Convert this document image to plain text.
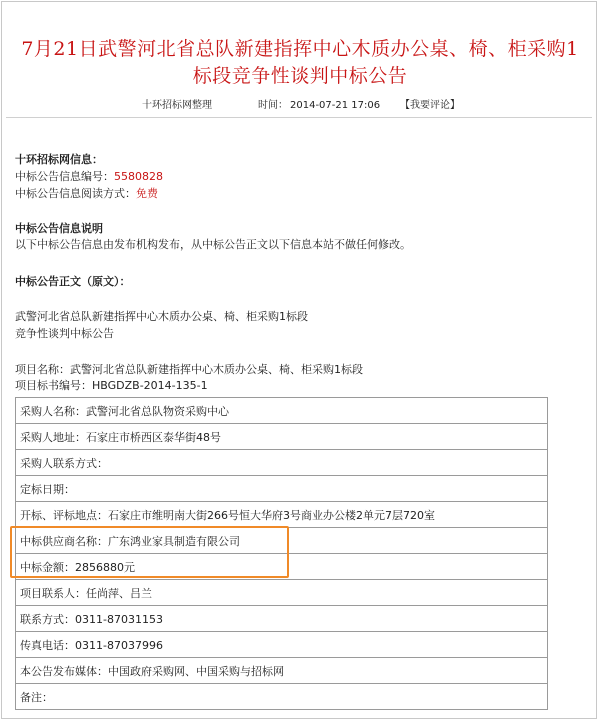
7月21日武警河北省总队新建指挥中心木质办公桌、椅、柜采购1
标段竞争性谈判中标公告
十环招标网整理	时间： 2014-07-21 17:06 【我要评论】
十环招标网信息：
中标公告信息编号：5580828
中标公告信息阅读方式：免费
中标公告信息说明
以下中标公告信息由发布机构发布，从中标公告正文以下信息本站不做任何修改。
中标公告正文（原文）：
武警河北省总队新建指挥中心木质办公桌、椅、柜采购1标段
竞争性谈判中标公告
项目名称：武警河北省总队新建指挥中心木质办公桌、椅、柜采购1标段
项目标书编号：HBGDZB-2014-135-1
采购人名称：武警河北省总队物资采购中心
采购人地址：石家庄市桥西区泰华街48号
采购人联系方式：
定标日期：
开标、评标地点：石家庄市维明南大街266号恒大华府3号商业办公楼2单元7层720室
中标供应商名称：广东鸿业家具制造有限公司
中标金额：2856880元
项目联系人：任尚萍、吕兰
联系方式：0311-87031153
传真电话：0311-87037996
本公告发布媒体：中国政府采购网、中国采购与招标网
备注：
